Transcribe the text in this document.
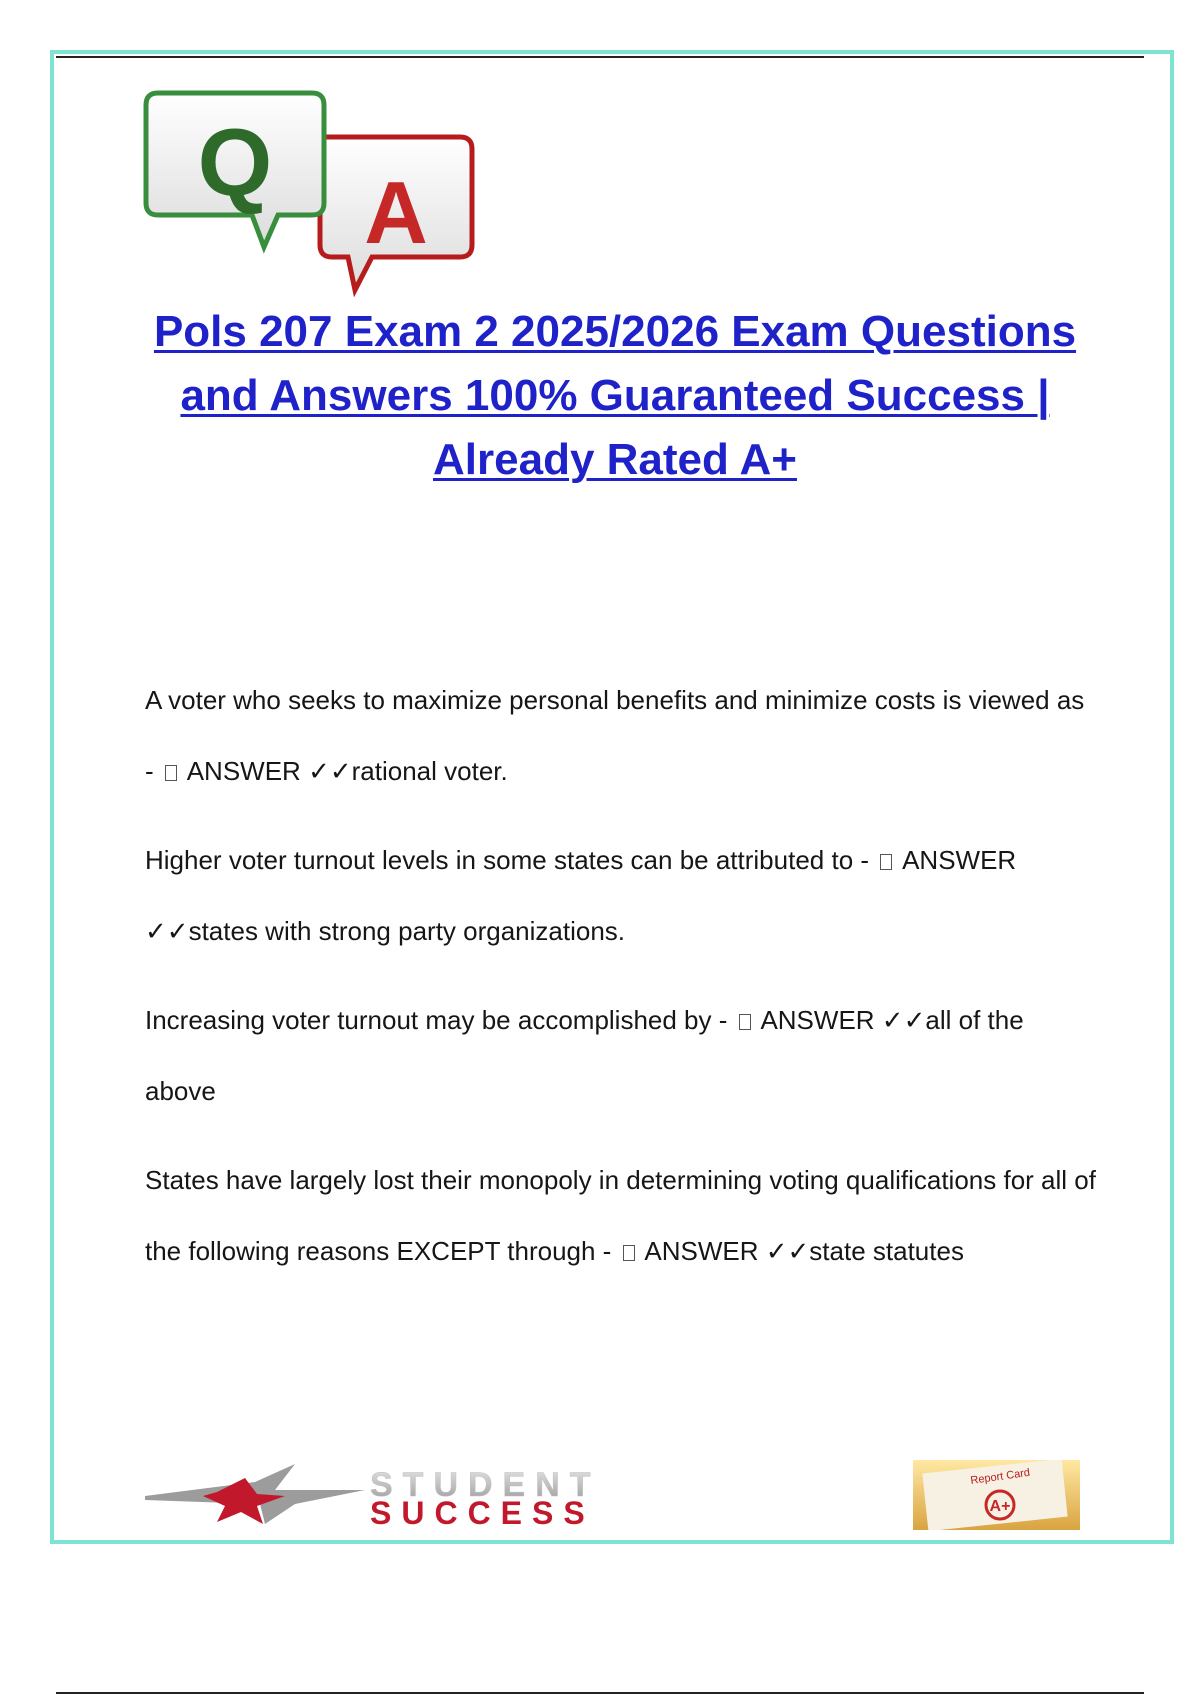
A
Q
Pols 207 Exam 2 2025/2026 Exam Questions and Answers 100% Guaranteed Success | Already Rated A+

A voter who seeks to maximize personal benefits and minimize costs is viewed as - ANSWER ✓✓rational voter.

Higher voter turnout levels in some states can be attributed to - ANSWER ✓✓states with strong party organizations.

Increasing voter turnout may be accomplished by - ANSWER ✓✓all of the above

States have largely lost their monopoly in determining voting qualifications for all of the following reasons EXCEPT through - ANSWER ✓✓state statutes

STUDENT
SUCCESS
Report Card
A+
